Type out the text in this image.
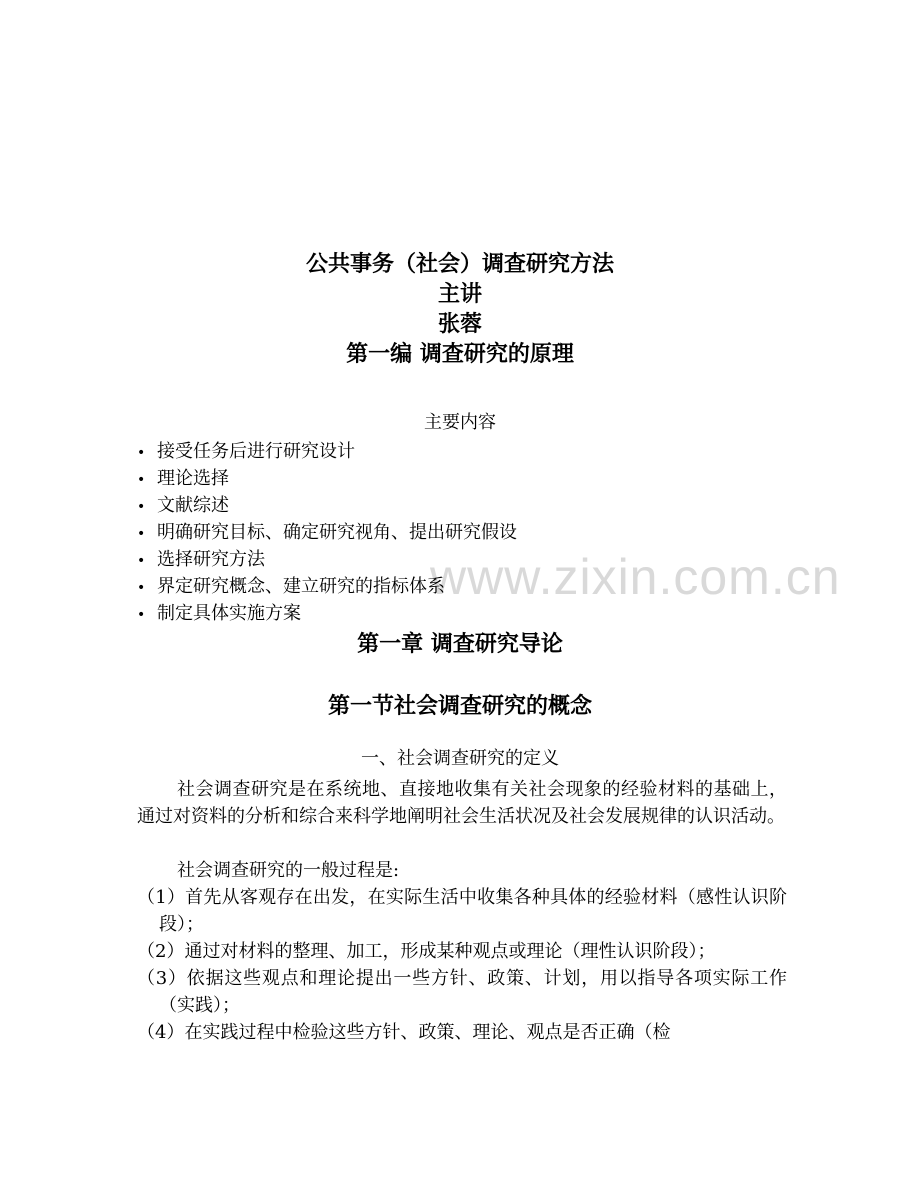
www.zixin.com.cn

公共事务（社会）调查研究方法

主讲

张蓉

第一编 调查研究的原理

主要内容
• 接受任务后进行研究设计
• 理论选择
• 文献综述
• 明确研究目标、确定研究视角、提出研究假设
• 选择研究方法
• 界定研究概念、建立研究的指标体系
• 制定具体实施方案
第一章 调查研究导论
第一节社会调查研究的概念
一、社会调查研究的定义

社会调查研究是在系统地、直接地收集有关社会现象的经验材料的基础上，通过对资料的分析和综合来科学地阐明社会生活状况及社会发展规律的认识活动。

社会调查研究的一般过程是:

（1）首先从客观存在出发，在实际生活中收集各种具体的经验材料（感性认识阶段）；
（2）通过对材料的整理、加工，形成某种观点或理论（理性认识阶段）；
（3）依据这些观点和理论提出一些方针、政策、计划，用以指导各项实际工作（实践）；
（4）在实践过程中检验这些方针、政策、理论、观点是否正确（检
